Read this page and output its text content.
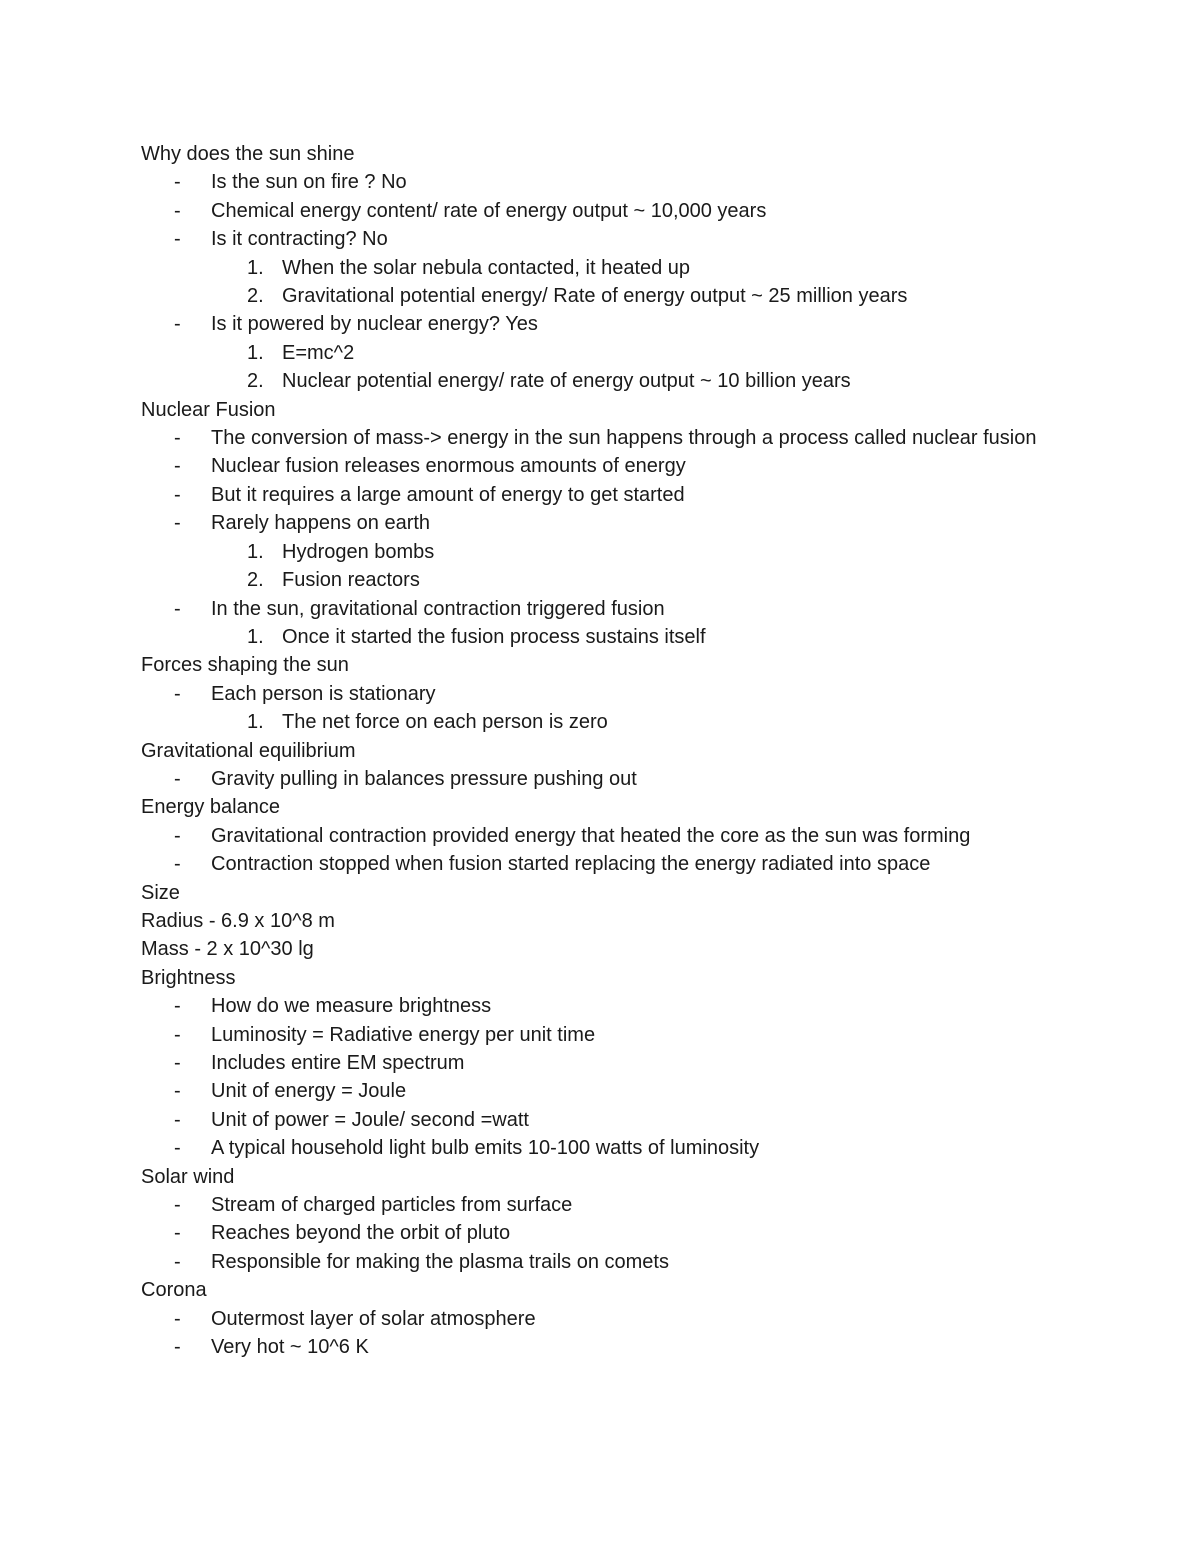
Why does the sun shine
- Is the sun on fire ? No
- Chemical energy content/ rate of energy output ~ 10,000 years
- Is it contracting? No
1. When the solar nebula contacted, it heated up
2. Gravitational potential energy/ Rate of energy output ~ 25 million years
- Is it powered by nuclear energy? Yes
1. E=mc^2
2. Nuclear potential energy/ rate of energy output ~ 10 billion years
Nuclear Fusion
- The conversion of mass-> energy in the sun happens through a process called nuclear fusion
- Nuclear fusion releases enormous amounts of energy
- But it requires a large amount of energy to get started
- Rarely happens on earth
1. Hydrogen bombs
2. Fusion reactors
- In the sun, gravitational contraction triggered fusion
1. Once it started the fusion process sustains itself
Forces shaping the sun
- Each person is stationary
1. The net force on each person is zero
Gravitational equilibrium
- Gravity pulling in balances pressure pushing out
Energy balance
- Gravitational contraction provided energy that heated the core as the sun was forming
- Contraction stopped when fusion started replacing the energy radiated into space
Size
Radius - 6.9 x 10^8 m
Mass - 2 x 10^30 lg
Brightness
- How do we measure brightness
- Luminosity = Radiative energy per unit time
- Includes entire EM spectrum
- Unit of energy = Joule
- Unit of power = Joule/ second =watt
- A typical household light bulb emits 10-100 watts of luminosity
Solar wind
- Stream of charged particles from surface
- Reaches beyond the orbit of pluto
- Responsible for making the plasma trails on comets
Corona
- Outermost layer of solar atmosphere
- Very hot ~ 10^6 K
